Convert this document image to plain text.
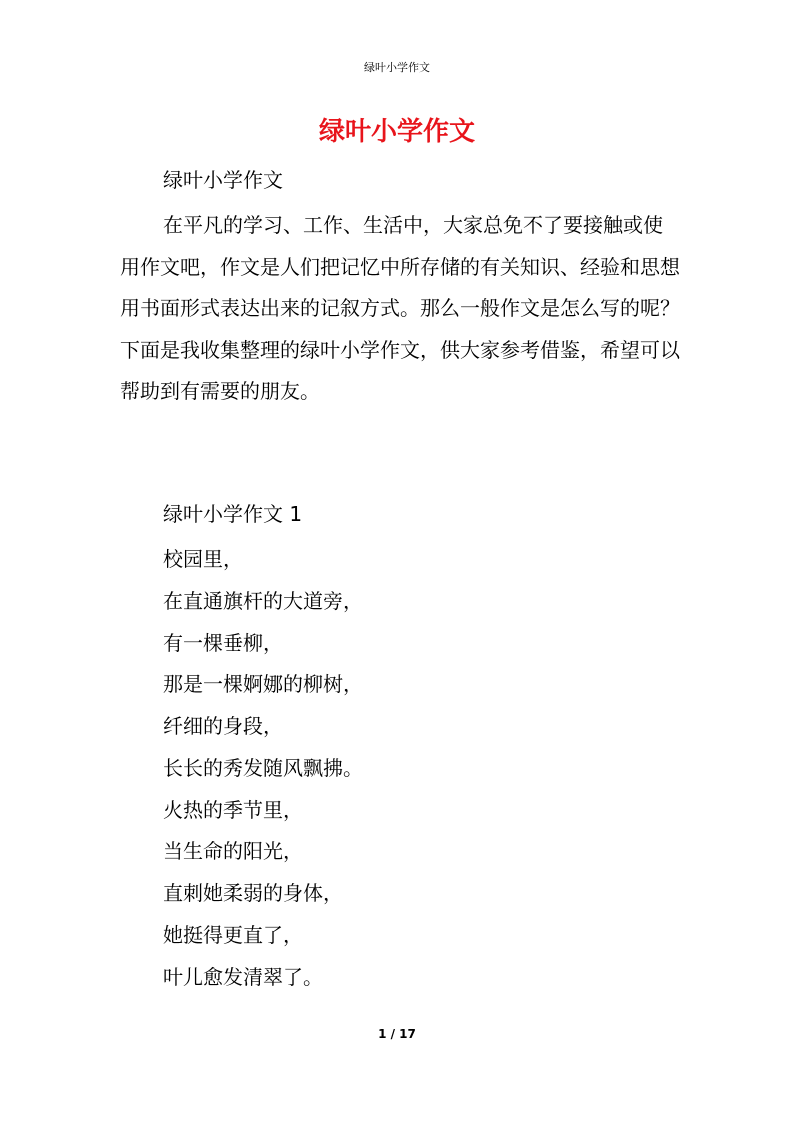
绿叶小学作文
绿叶小学作文
绿叶小学作文

在平凡的学习、工作、生活中，大家总免不了要接触或使用作文吧，作文是人们把记忆中所存储的有关知识、经验和思想用书面形式表达出来的记叙方式。那么一般作文是怎么写的呢？下面是我收集整理的绿叶小学作文，供大家参考借鉴，希望可以帮助到有需要的朋友。

绿叶小学作文 1
校园里，
在直通旗杆的大道旁，
有一棵垂柳，
那是一棵婀娜的柳树，
纤细的身段，
长长的秀发随风飘拂。
火热的季节里，
当生命的阳光，
直刺她柔弱的身体，
她挺得更直了，
叶儿愈发清翠了。
1 / 17
